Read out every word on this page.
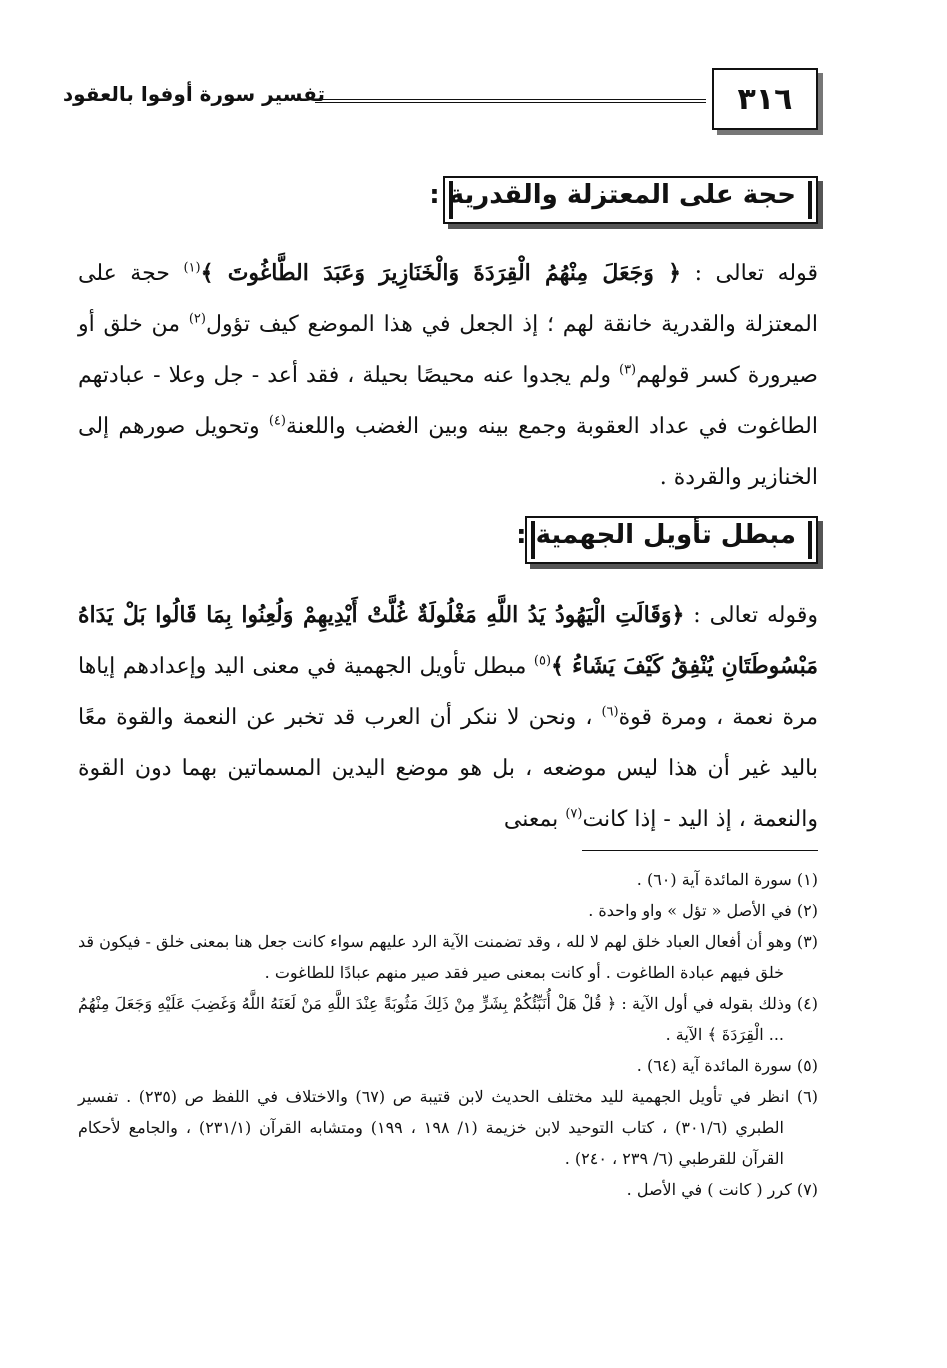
٣١٦
تفسير سورة أوفوا بالعقود
حجة على المعتزلة والقدرية :
قوله تعالى : ﴿ وَجَعَلَ مِنْهُمُ الْقِرَدَةَ وَالْخَنَازِيرَ وَعَبَدَ الطَّاغُوتَ ﴾$^{(١)}$ حجة على المعتزلة والقدرية خانقة لهم ؛ إذ الجعل في هذا الموضع كيف تؤول$^{(٢)}$ من خلق أو صيرورة كسر قولهم$^{(٣)}$ ولم يجدوا عنه محيصًا بحيلة ، فقد أعد - جل وعلا - عبادتهم الطاغوت في عداد العقوبة وجمع بينه وبين الغضب واللعنة$^{(٤)}$ وتحويل صورهم إلى الخنازير والقردة .
مبطل تأويل الجهمية :
وقوله تعالى : ﴿وَقَالَتِ الْيَهُودُ يَدُ اللَّهِ مَغْلُولَةٌ غُلَّتْ أَيْدِيهِمْ وَلُعِنُوا بِمَا قَالُوا بَلْ يَدَاهُ مَبْسُوطَتَانِ يُنْفِقُ كَيْفَ يَشَاءُ ﴾$^{(٥)}$ مبطل تأويل الجهمية في معنى اليد وإعدادهم إياها مرة نعمة ، ومرة قوة$^{(٦)}$ ، ونحن لا ننكر أن العرب قد تخبر عن النعمة والقوة معًا باليد غير أن هذا ليس موضعه ، بل هو موضع اليدين المسماتين بهما دون القوة والنعمة ، إذ اليد - إذا كانت$^{(٧)}$ بمعنى

(١) سورة المائدة آية (٦٠) .

(٢) في الأصل « تؤل » واو واحدة .

(٣) وهو أن أفعال العباد خلق لهم لا لله ، وقد تضمنت الآية الرد عليهم سواء كانت جعل هنا بمعنى خلق - فيكون قد خلق فيهم عبادة الطاغوت . أو كانت بمعنى صير فقد صير منهم عبادًا للطاغوت .

(٤) وذلك بقوله في أول الآية : ﴿ قُلْ هَلْ أُنَبِّئُكُمْ بِشَرٍّ مِنْ ذَلِكَ مَثُوبَةً عِنْدَ اللَّهِ مَنْ لَعَنَهُ اللَّهُ وَغَضِبَ عَلَيْهِ وَجَعَلَ مِنْهُمُ ... الْقِرَدَةَ ﴾ الآية .

(٥) سورة المائدة آية (٦٤) .

(٦) انظر في تأويل الجهمية لليد مختلف الحديث لابن قتيبة ص (٦٧) والاختلاف في اللفظ ص (٢٣٥) . تفسير الطبري (٣٠١/٦) ، كتاب التوحيد لابن خزيمة (١/ ١٩٨ ، ١٩٩) ومتشابه القرآن (٢٣١/١) ، والجامع لأحكام القرآن للقرطبي (٦/ ٢٣٩ ، ٢٤٠) .

(٧) كرر ( كانت ) في الأصل .
